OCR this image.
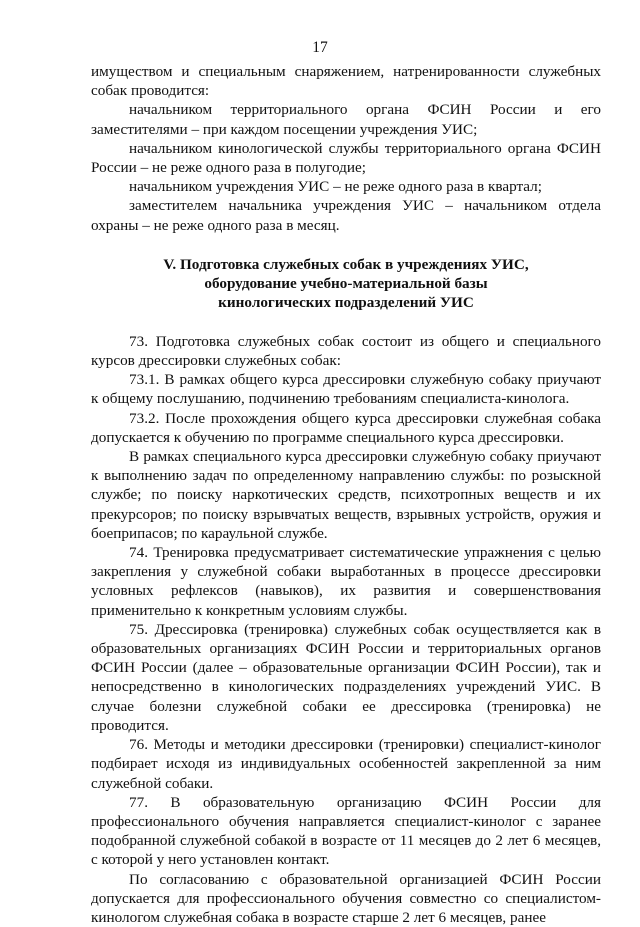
17

имуществом и специальным снаряжением, натренированности служебных собак проводится:

начальником территориального органа ФСИН России и его заместителями – при каждом посещении учреждения УИС;

начальником кинологической службы территориального органа ФСИН России – не реже одного раза в полугодие;

начальником учреждения УИС – не реже одного раза в квартал;

заместителем начальника учреждения УИС – начальником отдела охраны – не реже одного раза в месяц.

V. Подготовка служебных собак в учреждениях УИС,
оборудование учебно-материальной базы
кинологических подразделений УИС

73. Подготовка служебных собак состоит из общего и специального курсов дрессировки служебных собак:

73.1. В рамках общего курса дрессировки служебную собаку приучают к общему послушанию, подчинению требованиям специалиста-кинолога.

73.2. После прохождения общего курса дрессировки служебная собака допускается к обучению по программе специального курса дрессировки.

В рамках специального курса дрессировки служебную собаку приучают к выполнению задач по определенному направлению службы: по розыскной службе; по поиску наркотических средств, психотропных веществ и их прекурсоров; по поиску взрывчатых веществ, взрывных устройств, оружия и боеприпасов; по караульной службе.

74. Тренировка предусматривает систематические упражнения с целью закрепления у служебной собаки выработанных в процессе дрессировки условных рефлексов (навыков), их развития и совершенствования применительно к конкретным условиям службы.

75. Дрессировка (тренировка) служебных собак осуществляется как в образовательных организациях ФСИН России и территориальных органов ФСИН России (далее – образовательные организации ФСИН России), так и непосредственно в кинологических подразделениях учреждений УИС. В случае болезни служебной собаки ее дрессировка (тренировка) не проводится.

76. Методы и методики дрессировки (тренировки) специалист-кинолог подбирает исходя из индивидуальных особенностей закрепленной за ним служебной собаки.

77. В образовательную организацию ФСИН России для профессионального обучения направляется специалист-кинолог с заранее подобранной служебной собакой в возрасте от 11 месяцев до 2 лет 6 месяцев, с которой у него установлен контакт.

По согласованию с образовательной организацией ФСИН России допускается для профессионального обучения совместно со специалистом-кинологом служебная собака в возрасте старше 2 лет 6 месяцев, ранее
